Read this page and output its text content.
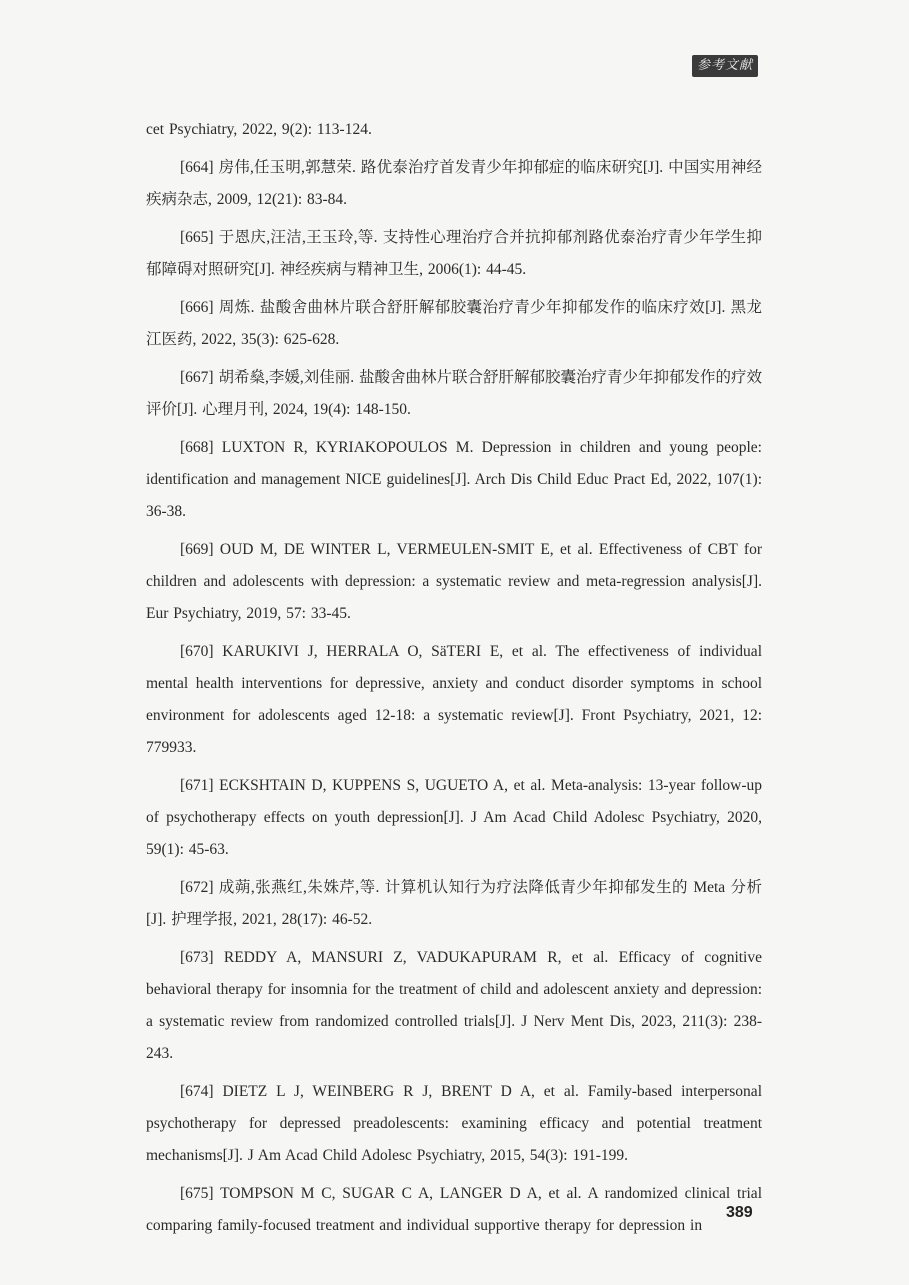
参考文献

cet Psychiatry, 2022, 9(2): 113-124.

[664] 房伟,任玉明,郭慧荣. 路优泰治疗首发青少年抑郁症的临床研究[J]. 中国实用神经疾病杂志, 2009, 12(21): 83-84.

[665] 于恩庆,汪洁,王玉玲,等. 支持性心理治疗合并抗抑郁剂路优泰治疗青少年学生抑郁障碍对照研究[J]. 神经疾病与精神卫生, 2006(1): 44-45.

[666] 周炼. 盐酸舍曲林片联合舒肝解郁胶囊治疗青少年抑郁发作的临床疗效[J]. 黑龙江医药, 2022, 35(3): 625-628.

[667] 胡希燊,李媛,刘佳丽. 盐酸舍曲林片联合舒肝解郁胶囊治疗青少年抑郁发作的疗效评价[J]. 心理月刊, 2024, 19(4): 148-150.

[668] LUXTON R, KYRIAKOPOULOS M. Depression in children and young people: identification and management NICE guidelines[J]. Arch Dis Child Educ Pract Ed, 2022, 107(1): 36-38.

[669] OUD M, DE WINTER L, VERMEULEN-SMIT E, et al. Effectiveness of CBT for children and adolescents with depression: a systematic review and meta-regression analysis[J]. Eur Psychiatry, 2019, 57: 33-45.

[670] KARUKIVI J, HERRALA O, SäTERI E, et al. The effectiveness of individual mental health interventions for depressive, anxiety and conduct disorder symptoms in school environment for adolescents aged 12-18: a systematic review[J]. Front Psychiatry, 2021, 12: 779933.

[671] ECKSHTAIN D, KUPPENS S, UGUETO A, et al. Meta-analysis: 13-year follow-up of psychotherapy effects on youth depression[J]. J Am Acad Child Adolesc Psychiatry, 2020, 59(1): 45-63.

[672] 成蒴,张燕红,朱姝芹,等. 计算机认知行为疗法降低青少年抑郁发生的 Meta 分析[J]. 护理学报, 2021, 28(17): 46-52.

[673] REDDY A, MANSURI Z, VADUKAPURAM R, et al. Efficacy of cognitive behavioral therapy for insomnia for the treatment of child and adolescent anxiety and depression: a systematic review from randomized controlled trials[J]. J Nerv Ment Dis, 2023, 211(3): 238-243.

[674] DIETZ L J, WEINBERG R J, BRENT D A, et al. Family-based interpersonal psychotherapy for depressed preadolescents: examining efficacy and potential treatment mechanisms[J]. J Am Acad Child Adolesc Psychiatry, 2015, 54(3): 191-199.

[675] TOMPSON M C, SUGAR C A, LANGER D A, et al. A randomized clinical trial comparing family-focused treatment and individual supportive therapy for depression in

389
